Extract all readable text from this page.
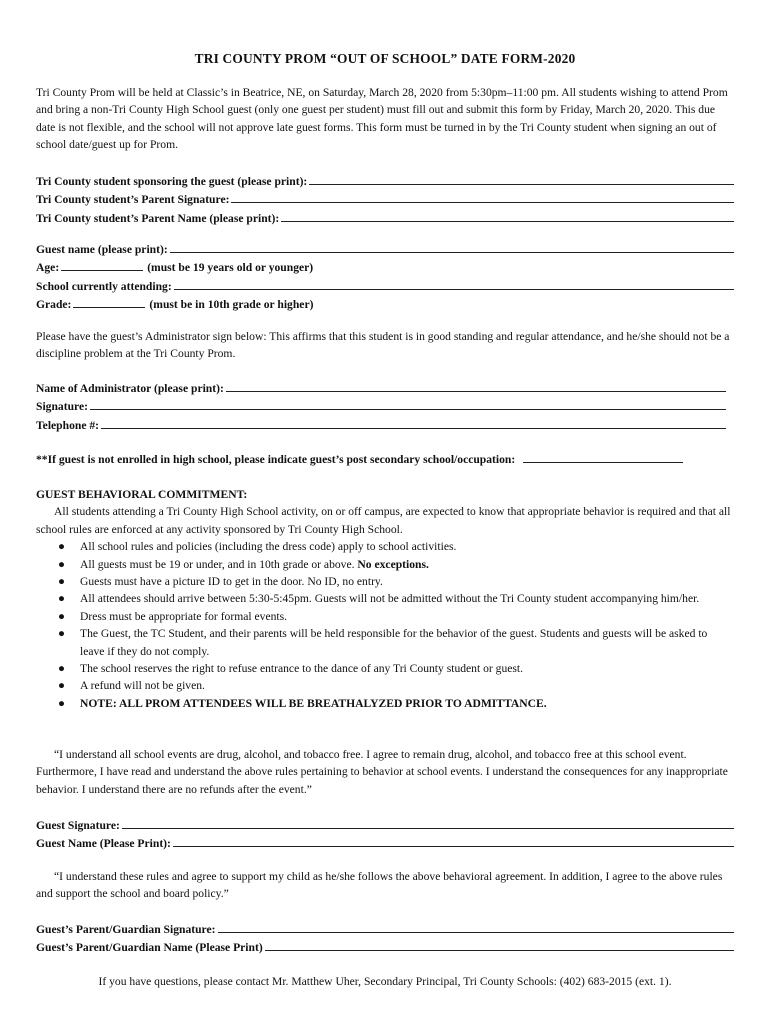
TRI COUNTY PROM “OUT OF SCHOOL” DATE FORM-2020

Tri County Prom will be held at Classic’s in Beatrice, NE, on Saturday, March 28, 2020 from 5:30pm–11:00 pm. All students wishing to attend Prom and bring a non-Tri County High School guest (only one guest per student) must fill out and submit this form by Friday, March 20, 2020. This due date is not flexible, and the school will not approve late guest forms. This form must be turned in by the Tri County student when signing an out of school date/guest up for Prom.

Tri County student sponsoring the guest (please print):
Tri County student’s Parent Signature:
Tri County student’s Parent Name (please print):
Guest name (please print):
Age:	(must be 19 years old or younger)
School currently attending:
Grade:	(must be in 10th grade or higher)

Please have the guest’s Administrator sign below: This affirms that this student is in good standing and regular attendance, and he/she should not be a discipline problem at the Tri County Prom.

Name of Administrator (please print):
Signature:
Telephone #:
**If guest is not enrolled in high school, please indicate guest’s post secondary school/occupation:

GUEST BEHAVIORAL COMMITMENT:

All students attending a Tri County High School activity, on or off campus, are expected to know that appropriate behavior is required and that all school rules are enforced at any activity sponsored by Tri County High School.

● All school rules and policies (including the dress code) apply to school activities.
● All guests must be 19 or under, and in 10th grade or above. No exceptions.
● Guests must have a picture ID to get in the door. No ID, no entry.
● All attendees should arrive between 5:30-5:45pm. Guests will not be admitted without the Tri County student accompanying him/her.
● Dress must be appropriate for formal events.
● The Guest, the TC Student, and their parents will be held responsible for the behavior of the guest. Students and guests will be asked to leave if they do not comply.
● The school reserves the right to refuse entrance to the dance of any Tri County student or guest.
● A refund will not be given.
● NOTE: ALL PROM ATTENDEES WILL BE BREATHALYZED PRIOR TO ADMITTANCE.

“I understand all school events are drug, alcohol, and tobacco free. I agree to remain drug, alcohol, and tobacco free at this school event. Furthermore, I have read and understand the above rules pertaining to behavior at school events. I understand the consequences for any inappropriate behavior. I understand there are no refunds after the event.”

Guest Signature:
Guest Name (Please Print):

“I understand these rules and agree to support my child as he/she follows the above behavioral agreement. In addition, I agree to the above rules and support the school and board policy.”

Guest’s Parent/Guardian Signature:
Guest’s Parent/Guardian Name (Please Print)

If you have questions, please contact Mr. Matthew Uher, Secondary Principal, Tri County Schools: (402) 683-2015 (ext. 1).
